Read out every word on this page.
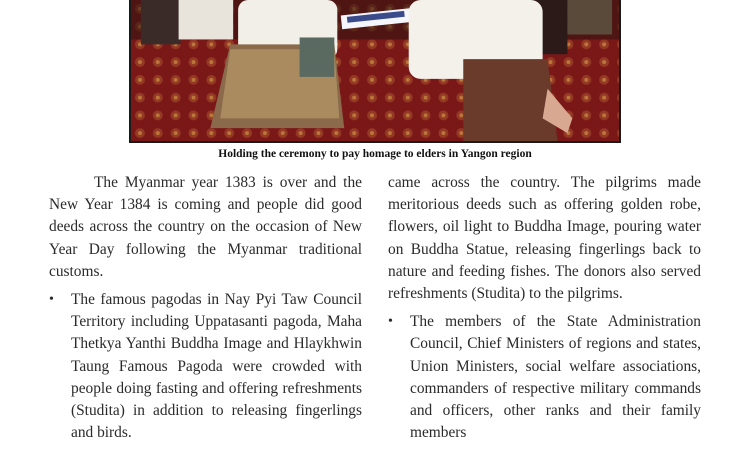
Holding the ceremony to pay homage to elders in Yangon region

The Myanmar year 1383 is over and the New Year 1384 is coming and people did good deeds across the country on the occasion of New Year Day following the Myanmar traditional customs.

• The famous pagodas in Nay Pyi Taw Council Territory including Uppatasanti pagoda, Maha Thetkya Yanthi Buddha Image and Hlaykhwin Taung Famous Pagoda were crowded with people doing fasting and offering refreshments (Studita) in addition to releasing fingerlings and birds.

came across the country. The pilgrims made meritorious deeds such as offering golden robe, flowers, oil light to Buddha Image, pouring water on Buddha Statue, releasing fingerlings back to nature and feeding fishes. The donors also served refreshments (Studita) to the pilgrims.

• The members of the State Administration Council, Chief Ministers of regions and states, Union Ministers, social welfare associations, commanders of respective military commands and officers, other ranks and their family members
